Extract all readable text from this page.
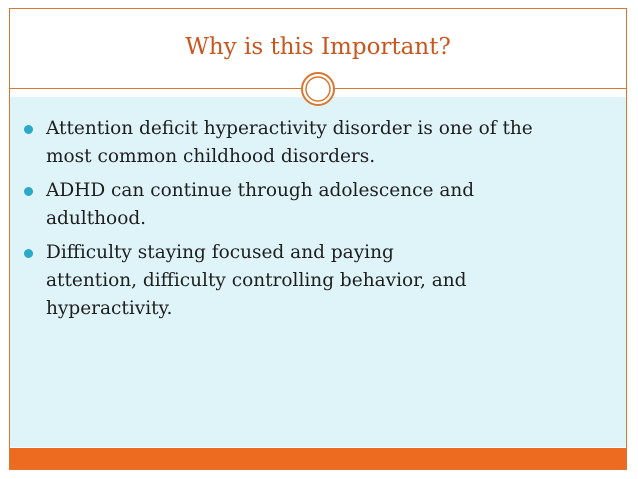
Why is this Important?
Attention deficit hyperactivity disorder is one of the
most common childhood disorders.
ADHD can continue through adolescence and
adulthood.
Difficulty staying focused and paying
attention, difficulty controlling behavior, and
hyperactivity.
